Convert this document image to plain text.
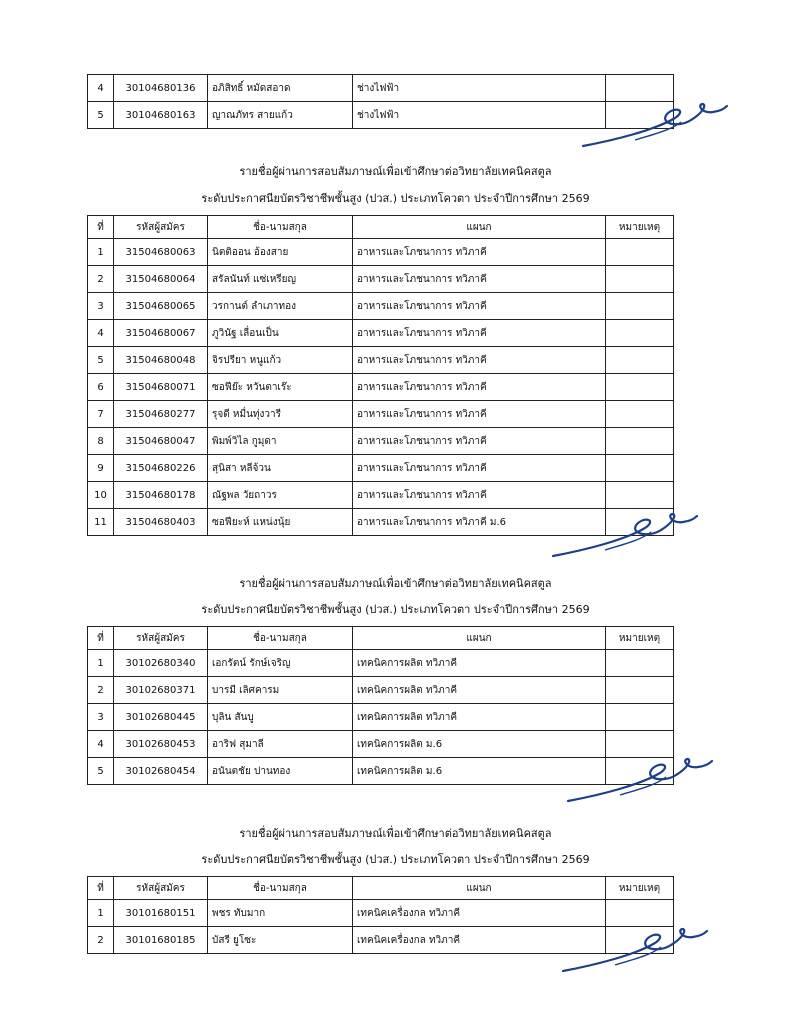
4	30104680136	อภิสิทธิ์ หมัดสอาด	ช่างไฟฟ้า	
5	30104680163	ญาณภัทร สายแก้ว	ช่างไฟฟ้า	
รายชื่อผู้ผ่านการสอบสัมภาษณ์เพื่อเข้าศึกษาต่อวิทยาลัยเทคนิคสตูล
ระดับประกาศนียบัตรวิชาชีพชั้นสูง (ปวส.) ประเภทโควตา ประจำปีการศึกษา 2569
ที่	รหัสผู้สมัคร	ชื่อ-นามสกุล	แผนก	หมายเหตุ
1	31504680063	นิตติออน อ้องสาย	อาหารและโภชนาการ ทวิภาคี	
2	31504680064	สรัลนันท์ แซ่เหรียญ	อาหารและโภชนาการ ทวิภาคี	
3	31504680065	วรกานต์ ลำเภาทอง	อาหารและโภชนาการ ทวิภาคี	
4	31504680067	ภูวินัฐ เลื่อนเป็น	อาหารและโภชนาการ ทวิภาคี	
5	31504680048	จิรปรียา หนูแก้ว	อาหารและโภชนาการ ทวิภาคี	
6	31504680071	ซอฟีย๊ะ หวันตาเร๊ะ	อาหารและโภชนาการ ทวิภาคี	
7	31504680277	รุจดี หมื่นทุ่งวารี	อาหารและโภชนาการ ทวิภาคี	
8	31504680047	พิมพ์วิไล กูมุดา	อาหารและโภชนาการ ทวิภาคี	
9	31504680226	สุนิสา หลีจ้วน	อาหารและโภชนาการ ทวิภาคี	
10	31504680178	ณัฐพล วัยถาวร	อาหารและโภชนาการ ทวิภาคี	
11	31504680403	ซอฟียะห์ แหน่งนุ้ย	อาหารและโภชนาการ ทวิภาคี ม.6	
รายชื่อผู้ผ่านการสอบสัมภาษณ์เพื่อเข้าศึกษาต่อวิทยาลัยเทคนิคสตูล
ระดับประกาศนียบัตรวิชาชีพชั้นสูง (ปวส.) ประเภทโควตา ประจำปีการศึกษา 2569
ที่	รหัสผู้สมัคร	ชื่อ-นามสกุล	แผนก	หมายเหตุ
1	30102680340	เอกรัตน์ รักษ์เจริญ	เทคนิคการผลิต ทวิภาคี	
2	30102680371	บารมี เลิศคารม	เทคนิคการผลิต ทวิภาคี	
3	30102680445	บุลิน สันบู	เทคนิคการผลิต ทวิภาคี	
4	30102680453	อาริฟ สุมาลี	เทคนิคการผลิต ม.6	
5	30102680454	อนันตชัย ปานทอง	เทคนิคการผลิต ม.6	
รายชื่อผู้ผ่านการสอบสัมภาษณ์เพื่อเข้าศึกษาต่อวิทยาลัยเทคนิคสตูล
ระดับประกาศนียบัตรวิชาชีพชั้นสูง (ปวส.) ประเภทโควตา ประจำปีการศึกษา 2569
ที่	รหัสผู้สมัคร	ชื่อ-นามสกุล	แผนก	หมายเหตุ
1	30101680151	พชร ทับมาก	เทคนิคเครื่องกล ทวิภาคี	
2	30101680185	บัสรี ยูโซะ	เทคนิคเครื่องกล ทวิภาคี	
